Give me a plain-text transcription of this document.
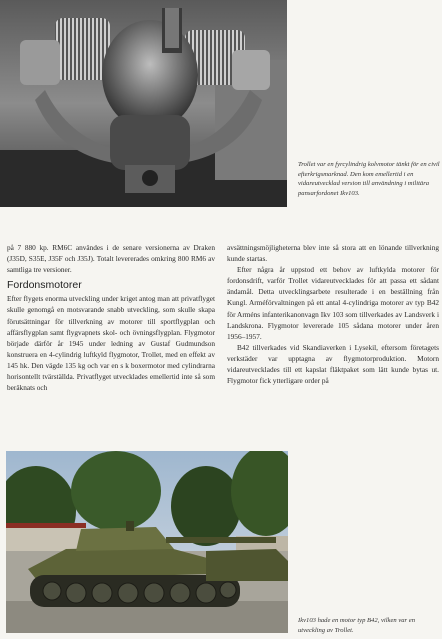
Trollet var en fyrcylindrig kolvmotor tänkt för en civil efterkrigsmarknad. Den kom emellertid i en vidareutvecklad version till användning i militära pansarfordonet Ikv103.

på 7 880 kp. RM6C användes i de senare versionerna av Draken (J35D, S35E, J35F och J35J). Totalt levererades omkring 800 RM6 av samtliga tre versioner.

Fordonsmotorer

Efter flygets enorma utveckling under kriget antog man att privatflyget skulle genomgå en motsvarande snabb utveckling, som skulle skapa förutsättningar för tillverkning av motorer till sportflygplan och affärsflygplan samt flygvapnets skol- och övningsflygplan. Flygmotor började därför år 1945 under ledning av Gustaf Gudmundson konstruera en 4-cylindrig luftkyld flygmotor, Trollet, med en effekt av 145 hk. Den vägde 135 kg och var en s k boxermotor med cylindrarna horisontellt tvärställda. Privatflyget utvecklades emellertid inte så som beräknats och

avsättningsmöjligheterna blev inte så stora att en lönande tillverkning kunde startas.

Efter några år uppstod ett behov av luftkylda motorer för fordonsdrift, varför Trollet vidareutvecklades för att passa ett sådant ändamål. Detta utvecklingsarbete resulterade i en beställning från Kungl. Arméförvaltningen på ett antal 4-cylindriga motorer av typ B42 för Arméns infanterikanonvagn Ikv 103 som tillverkades av Landsverk i Landskrona. Flygmotor levererade 105 sådana motorer under åren 1956–1957.

B42 tillverkades vid Skandiaverken i Lysekil, eftersom företagets verkstäder var upptagna av flygmotorproduktion. Motorn vidareutvecklades till ett kapslat fläktpaket som lätt kunde bytas ut. Flygmotor fick ytterligare order på

Ikv103 hade en motor typ B42, vilken var en utveckling av Trollet.
